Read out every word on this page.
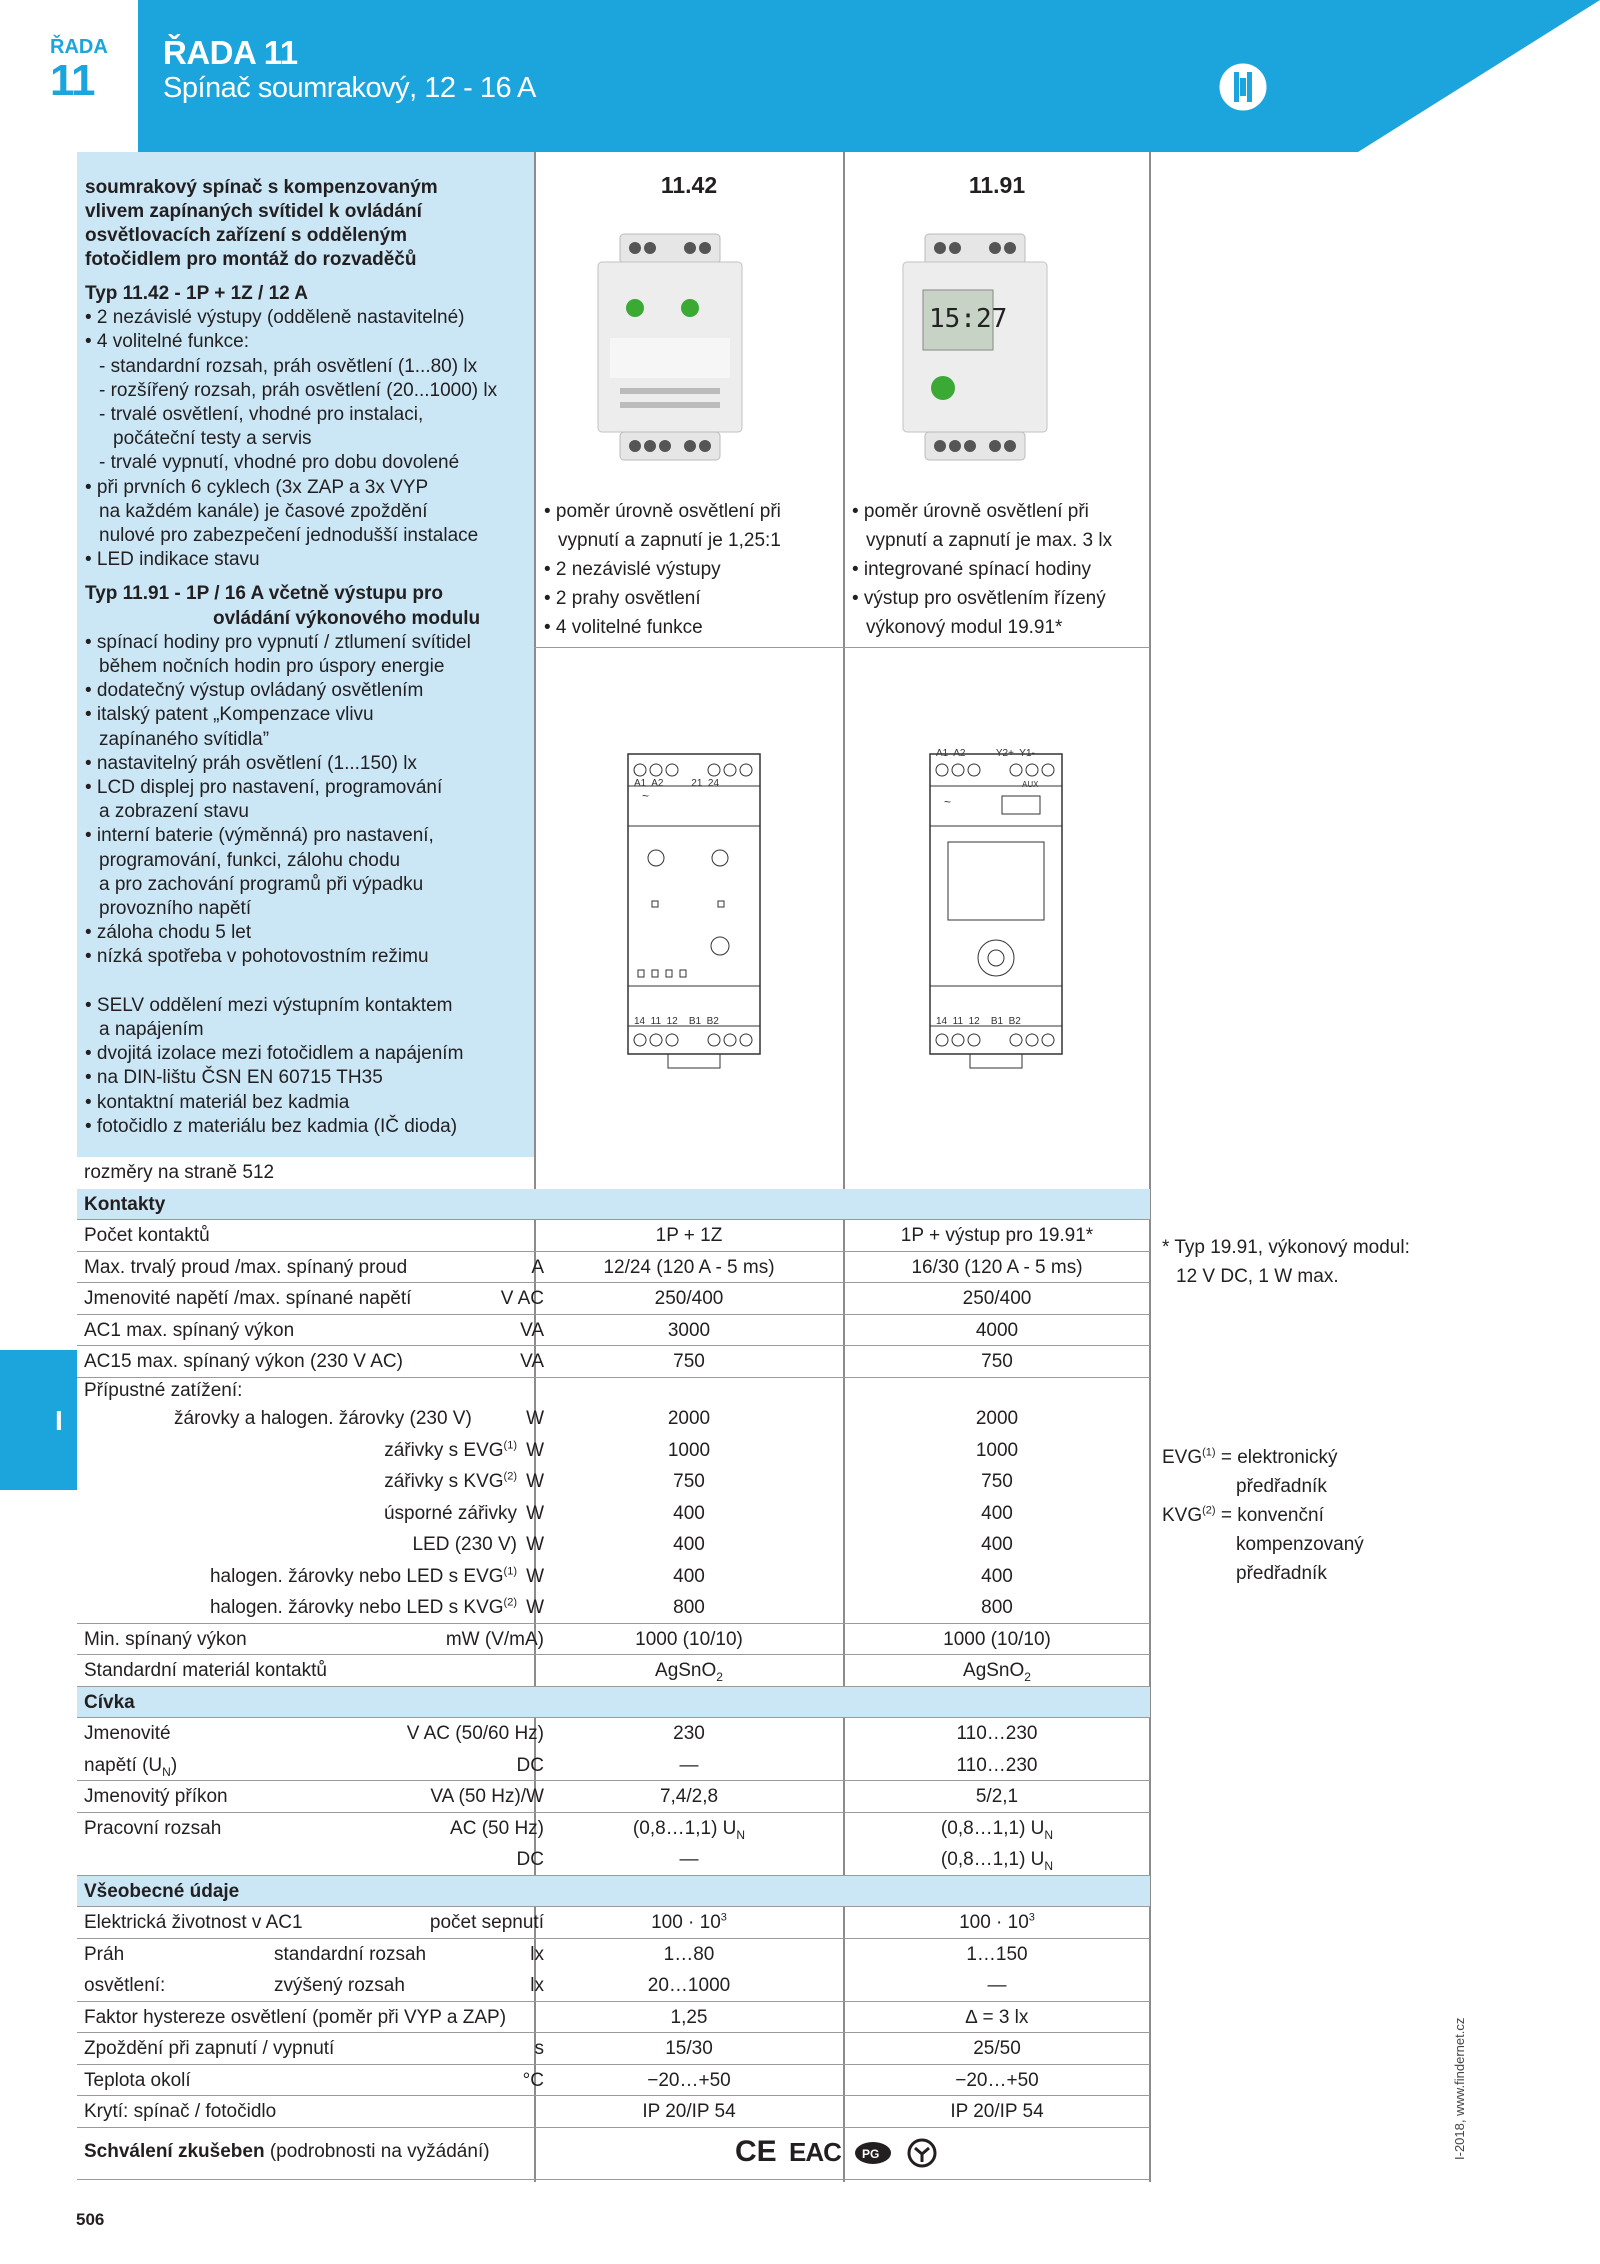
ŘADA
11
ŘADA 11
Spínač soumrakový, 12 - 16 A	finder

soumrakový spínač s kompenzovaným vlivem zapínaných svítidel k ovládání osvětlovacích zařízení s odděleným fotočidlem pro montáž do rozvaděčů

Typ 11.42 - 1P + 1Z / 12 A

• 2 nezávislé výstupy (odděleně nastavitelné)

• 4 volitelné funkce:

- standardní rozsah, práh osvětlení (1...80) lx

- rozšířený rozsah, práh osvětlení (20...1000) lx

- trvalé osvětlení, vhodné pro instalaci,

počáteční testy a servis

- trvalé vypnutí, vhodné pro dobu dovolené

• při prvních 6 cyklech (3x ZAP a 3x VYP

na každém kanále) je časové zpoždění

nulové pro zabezpečení jednodušší instalace

• LED indikace stavu

Typ 11.91 - 1P / 16 A včetně výstupu pro

ovládání výkonového modulu

• spínací hodiny pro vypnutí / ztlumení svítidel

během nočních hodin pro úspory energie

• dodatečný výstup ovládaný osvětlením

• italský patent „Kompenzace vlivu

zapínaného svítidla”

• nastavitelný práh osvětlení (1...150) lx

• LCD displej pro nastavení, programování

a zobrazení stavu

• interní baterie (výměnná) pro nastavení,

programování, funkci, zálohu chodu

a pro zachování programů při výpadku

provozního napětí

• záloha chodu 5 let

• nízká spotřeba v pohotovostním režimu

• SELV oddělení mezi výstupním kontaktem

a napájením

• dvojitá izolace mezi fotočidlem a napájením

• na DIN-lištu ČSN EN 60715 TH35

• kontaktní materiál bez kadmia

• fotočidlo z materiálu bez kadmia (IČ dioda)

11.42

• poměr úrovně osvětlení při

vypnutí a zapnutí je 1,25:1

• 2 nezávislé výstupy

• 2 prahy osvětlení

• 4 volitelné funkce

~
A1  A2          21  24
14  11  12    B1  B2
11.91
15:27

• poměr úrovně osvětlení při

vypnutí a zapnutí je max. 3 lx

• integrované spínací hodiny

• výstup pro osvětlením řízený

výkonový modul 19.91*

~
A1  A2           Y2+  Y1-
AUX
14  11  12    B1  B2
I
rozměry na straně 512
Kontakty
Počet kontaktů	1P + 1Z	1P + výstup pro 19.91*
Max. trvalý proud /max. spínaný proud	A	12/24 (120 A - 5 ms)	16/30 (120 A - 5 ms)
Jmenovité napětí /max. spínané napětí	V AC	250/400	250/400
AC1 max. spínaný výkon	VA	3000	4000
AC15 max. spínaný výkon (230 V AC)	VA	750	750
Přípustné zatížení:
žárovky a halogen. žárovky (230 V)	W	2000	2000
zářivky s EVG$^{(1)}$ W	1000	1000
zářivky s KVG$^{(2)}$ W	750	750
úsporné zářivky W	400	400
LED (230 V) W	400	400
halogen. žárovky nebo LED s EVG$^{(1)}$ W	400	400
halogen. žárovky nebo LED s KVG$^{(2)}$ W	800	800
Min. spínaný výkon	mW (V/mA)	1000 (10/10)	1000 (10/10)
Standardní materiál kontaktů	AgSnO$_2$	AgSnO$_2$
Cívka
Jmenovité	V AC (50/60 Hz)	230	110…230
napětí $(U_N)$	DC	—	110…230
Jmenovitý příkon	VA (50 Hz)/W	7,4/2,8	5/2,1
Pracovní rozsah	AC (50 Hz)	(0,8…1,1) $U_N$	(0,8…1,1) $U_N$
DC	—	(0,8…1,1) $U_N$
Všeobecné údaje
Elektrická životnost v AC1	počet sepnutí	$100 \cdot 10^3$	$100 \cdot 10^3$
Práh	standardní rozsah	lx	1…80	1…150
osvětlení:	zvýšený rozsah	lx	20…1000	—
Faktor hystereze osvětlení (poměr při VYP a ZAP)	1,25	∆ = 3 lx
Zpoždění při zapnutí / vypnutí	s	15/30	25/50
Teplota okolí	°C	−20…+50	−20…+50
Krytí: spínač / fotočidlo	IP 20/IP 54	IP 20/IP 54
Schválení zkušeben (podrobnosti na vyžádání)	CE EAC PG

* Typ 19.91, výkonový modul:

12 V DC, 1 W max.

$EVG^{(1)}$ = elektronický

předřadník

$KVG^{(2)}$ = konvenční

kompenzovaný

předřadník

506
I-2018, www.findernet.cz
